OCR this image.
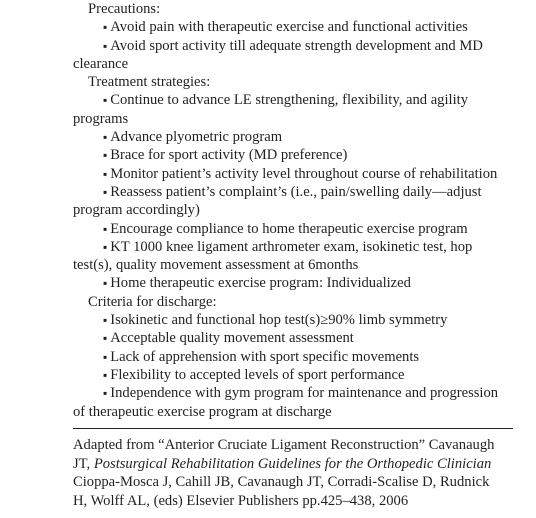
Precautions:
▪ Avoid pain with therapeutic exercise and functional activities
▪ Avoid sport activity till adequate strength development and MD
clearance
Treatment strategies:
▪ Continue to advance LE strengthening, flexibility, and agility
programs
▪ Advance plyometric program
▪ Brace for sport activity (MD preference)
▪ Monitor patient’s activity level throughout course of rehabilitation
▪ Reassess patient’s complaint’s (i.e., pain/swelling daily—adjust
program accordingly)
▪ Encourage compliance to home therapeutic exercise program
▪ KT 1000 knee ligament arthrometer exam, isokinetic test, hop
test(s), quality movement assessment at 6months
▪ Home therapeutic exercise program: Individualized
Criteria for discharge:
▪ Isokinetic and functional hop test(s)≥90% limb symmetry
▪ Acceptable quality movement assessment
▪ Lack of apprehension with sport specific movements
▪ Flexibility to accepted levels of sport performance
▪ Independence with gym program for maintenance and progression
of therapeutic exercise program at discharge
Adapted from “Anterior Cruciate Ligament Reconstruction” Cavanaugh
JT, Postsurgical Rehabilitation Guidelines for the Orthopedic Clinician
Cioppa-Mosca J, Cahill JB, Cavanaugh JT, Corradi-Scalise D, Rudnick
H, Wolff AL, (eds) Elsevier Publishers pp.425–438, 2006
